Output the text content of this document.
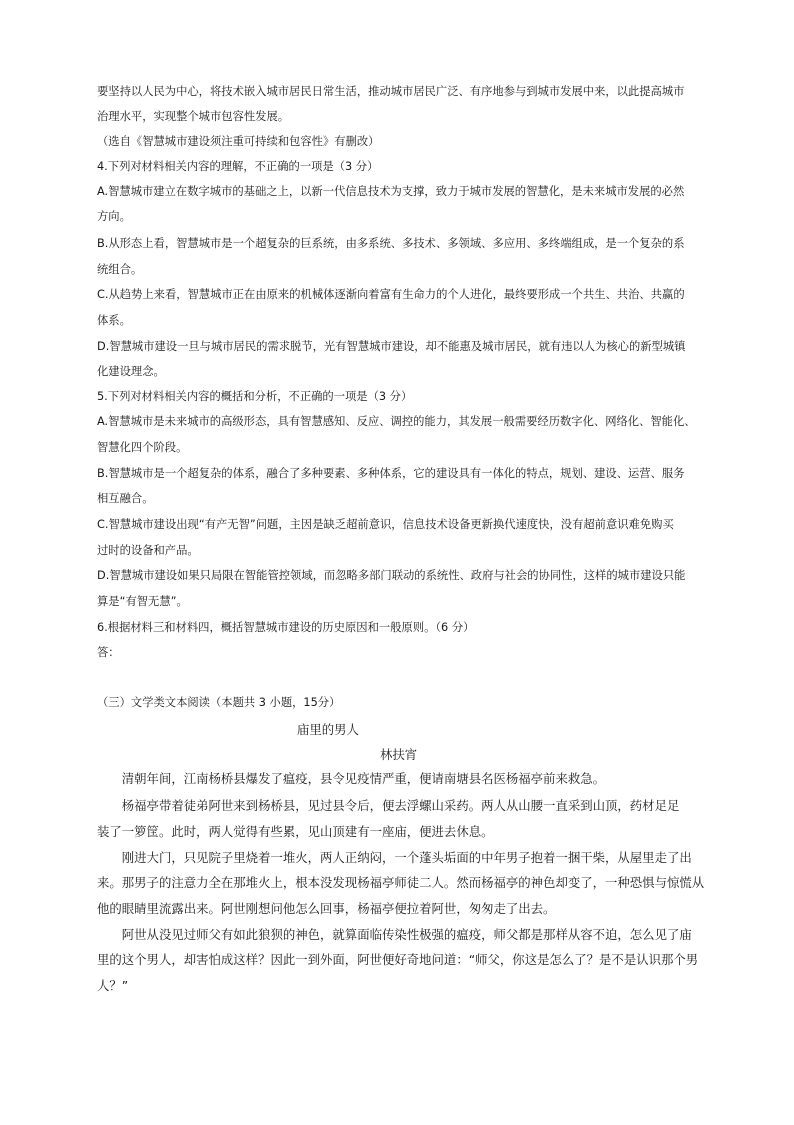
要坚持以人民为中心，将技术嵌入城市居民日常生活，推动城市居民广泛、有序地参与到城市发展中来，以此提高城市
治理水平，实现整个城市包容性发展。
（选自《智慧城市建设须注重可持续和包容性》有删改）
4.下列对材料相关内容的理解，不正确的一项是（3 分）
A.智慧城市建立在数字城市的基础之上，以新一代信息技术为支撑，致力于城市发展的智慧化，是未来城市发展的必然
方向。
B.从形态上看，智慧城市是一个超复杂的巨系统，由多系统、多技术、多领域、多应用、多终端组成，是一个复杂的系
统组合。
C.从趋势上来看，智慧城市正在由原来的机械体逐渐向着富有生命力的个人进化，最终要形成一个共生、共治、共赢的
体系。
D.智慧城市建设一旦与城市居民的需求脱节，光有智慧城市建设，却不能惠及城市居民，就有违以人为核心的新型城镇
化建设理念。
5.下列对材料相关内容的概括和分析，不正确的一项是（3 分）
A.智慧城市是未来城市的高级形态，具有智慧感知、反应、调控的能力，其发展一般需要经历数字化、网络化、智能化、
智慧化四个阶段。
B.智慧城市是一个超复杂的体系，融合了多种要素、多种体系，它的建设具有一体化的特点，规划、建设、运营、服务
相互融合。
C.智慧城市建设出现“有产无智”问题，主因是缺乏超前意识，信息技术设备更新换代速度快，没有超前意识难免购买
过时的设备和产品。
D.智慧城市建设如果只局限在智能管控领域，而忽略多部门联动的系统性、政府与社会的协同性，这样的城市建设只能
算是“有智无慧”。
6.根据材料三和材料四，概括智慧城市建设的历史原因和一般原则。（6 分）
答：
（三）文学类文本阅读（本题共 3 小题，15分）
庙里的男人
林扶宵
　　清朝年间，江南杨桥县爆发了瘟疫，县令见疫情严重，便请南塘县名医杨福亭前来救急。
　　杨福亭带着徒弟阿世来到杨桥县，见过县令后，便去浮螺山采药。两人从山腰一直采到山顶，药材足足
装了一箩筐。此时，两人觉得有些累，见山顶建有一座庙，便进去休息。
　　刚进大门，只见院子里烧着一堆火，两人正纳闷，一个蓬头垢面的中年男子抱着一捆干柴，从屋里走了出
来。那男子的注意力全在那堆火上，根本没发现杨福亭师徒二人。然而杨福亭的神色却变了，一种恐惧与惊慌从
他的眼睛里流露出来。阿世刚想问他怎么回事，杨福亭便拉着阿世，匆匆走了出去。
　　阿世从没见过师父有如此狼狈的神色，就算面临传染性极强的瘟疫，师父都是那样从容不迫，怎么见了庙
里的这个男人，却害怕成这样？因此一到外面，阿世便好奇地问道：“师父，你这是怎么了？是不是认识那个男
人？”
